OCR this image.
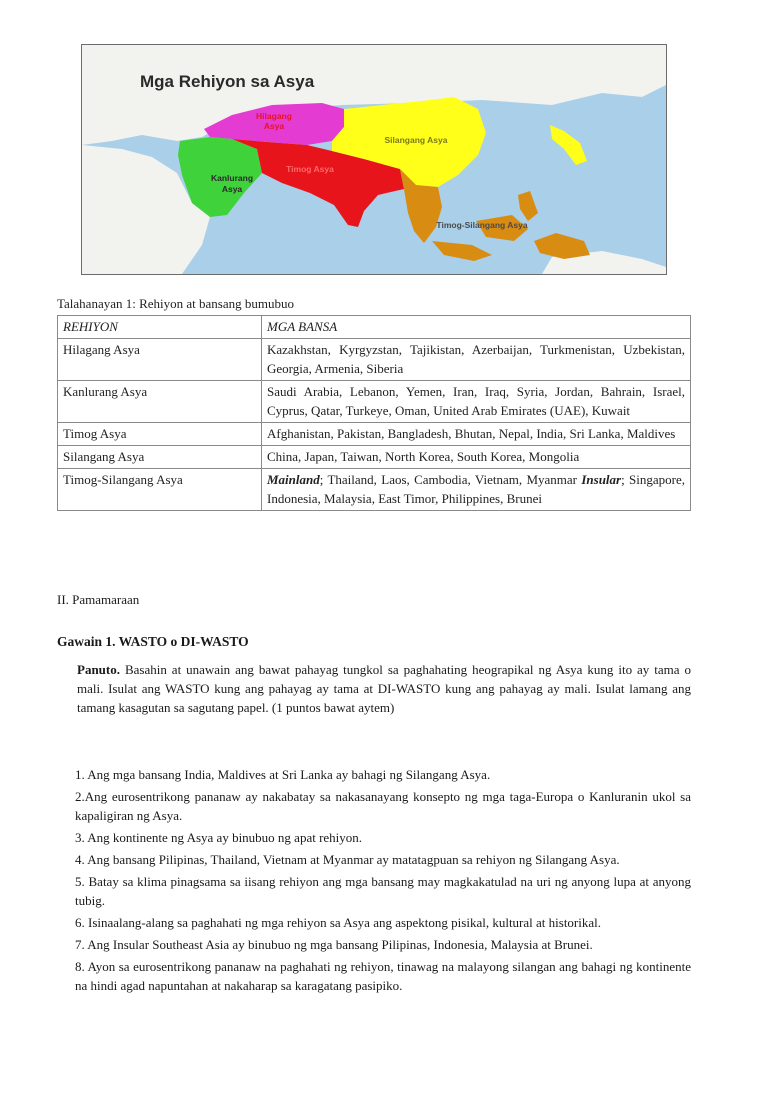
Mga Rehiyon sa Asya
Hilagang
Asya
Kanlurang
Asya
Timog Asya
Silangang Asya
Timog-Silangang Asya
Talahanayan 1: Rehiyon at bansang bumubuo
REHIYON	MGA BANSA
Hilagang Asya	Kazakhstan, Kyrgyzstan, Tajikistan, Azerbaijan, Turkmenistan, Uzbekistan, Georgia, Armenia, Siberia
Kanlurang Asya	Saudi Arabia, Lebanon, Yemen, Iran, Iraq, Syria, Jordan, Bahrain, Israel, Cyprus, Qatar, Turkeye, Oman, United Arab Emirates (UAE), Kuwait
Timog Asya	Afghanistan, Pakistan, Bangladesh, Bhutan, Nepal, India, Sri Lanka, Maldives
Silangang Asya	China, Japan, Taiwan, North Korea, South Korea, Mongolia
Timog-Silangang Asya	Mainland; Thailand, Laos, Cambodia, Vietnam, Myanmar Insular; Singapore, Indonesia, Malaysia, East Timor, Philippines, Brunei
II. Pamamaraan
Gawain 1. WASTO o DI-WASTO
Panuto. Basahin at unawain ang bawat pahayag tungkol sa paghahating heograpikal ng Asya kung ito ay tama o mali. Isulat ang WASTO kung ang pahayag ay tama at DI-WASTO kung ang pahayag ay mali. Isulat lamang ang tamang kasagutan sa sagutang papel. (1 puntos bawat aytem)
1. Ang mga bansang India, Maldives at Sri Lanka ay bahagi ng Silangang Asya.
2.Ang eurosentrikong pananaw ay nakabatay sa nakasanayang konsepto ng mga taga-Europa o Kanluranin ukol sa kapaligiran ng Asya.
3. Ang kontinente ng Asya ay binubuo ng apat rehiyon.
4. Ang bansang Pilipinas, Thailand, Vietnam at Myanmar ay matatagpuan sa rehiyon ng Silangang Asya.
5. Batay sa klima pinagsama sa iisang rehiyon ang mga bansang may magkakatulad na uri ng anyong lupa at anyong tubig.
6. Isinaalang-alang sa paghahati ng mga rehiyon sa Asya ang aspektong pisikal, kultural at historikal.
7. Ang Insular Southeast Asia ay binubuo ng mga bansang Pilipinas, Indonesia, Malaysia at Brunei.
8. Ayon sa eurosentrikong pananaw na paghahati ng rehiyon, tinawag na malayong silangan ang bahagi ng kontinente na hindi agad napuntahan at nakaharap sa karagatang pasipiko.
